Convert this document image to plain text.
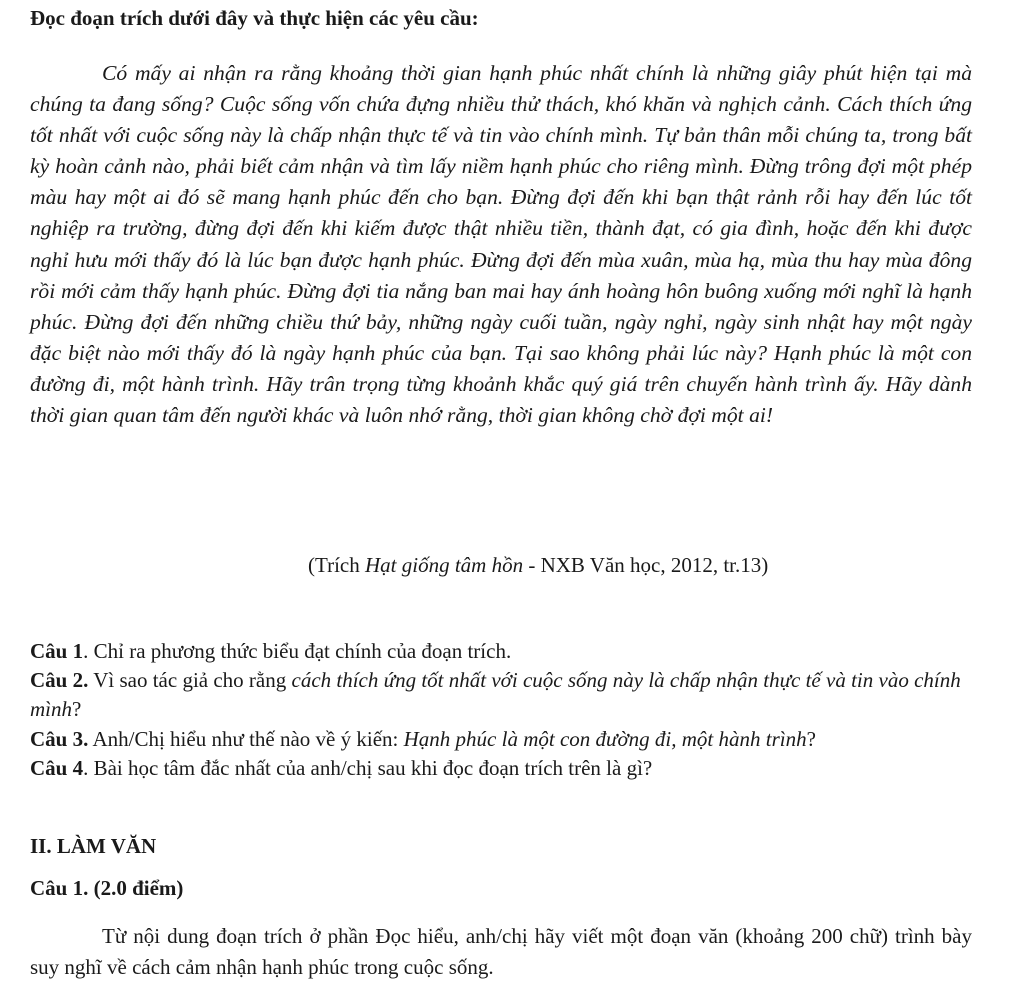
Đọc đoạn trích dưới đây và thực hiện các yêu cầu:

Có mấy ai nhận ra rằng khoảng thời gian hạnh phúc nhất chính là những giây phút hiện tại mà chúng ta đang sống? Cuộc sống vốn chứa đựng nhiều thử thách, khó khăn và nghịch cảnh. Cách thích ứng tốt nhất với cuộc sống này là chấp nhận thực tế và tin vào chính mình. Tự bản thân mỗi chúng ta, trong bất kỳ hoàn cảnh nào, phải biết cảm nhận và tìm lấy niềm hạnh phúc cho riêng mình. Đừng trông đợi một phép màu hay một ai đó sẽ mang hạnh phúc đến cho bạn. Đừng đợi đến khi bạn thật rảnh rỗi hay đến lúc tốt nghiệp ra trường, đừng đợi đến khi kiếm được thật nhiều tiền, thành đạt, có gia đình, hoặc đến khi được nghỉ hưu mới thấy đó là lúc bạn được hạnh phúc. Đừng đợi đến mùa xuân, mùa hạ, mùa thu hay mùa đông rồi mới cảm thấy hạnh phúc. Đừng đợi tia nắng ban mai hay ánh hoàng hôn buông xuống mới nghĩ là hạnh phúc. Đừng đợi đến những chiều thứ bảy, những ngày cuối tuần, ngày nghỉ, ngày sinh nhật hay một ngày đặc biệt nào mới thấy đó là ngày hạnh phúc của bạn. Tại sao không phải lúc này? Hạnh phúc là một con đường đi, một hành trình. Hãy trân trọng từng khoảnh khắc quý giá trên chuyến hành trình ấy. Hãy dành thời gian quan tâm đến người khác và luôn nhớ rằng, thời gian không chờ đợi một ai!

(Trích Hạt giống tâm hồn - NXB Văn học, 2012, tr.13)

Câu 1. Chỉ ra phương thức biểu đạt chính của đoạn trích.

Câu 2. Vì sao tác giả cho rằng cách thích ứng tốt nhất với cuộc sống này là chấp nhận thực tế và tin vào chính mình?

Câu 3. Anh/Chị hiểu như thế nào về ý kiến: Hạnh phúc là một con đường đi, một hành trình?

Câu 4. Bài học tâm đắc nhất của anh/chị sau khi đọc đoạn trích trên là gì?

II. LÀM VĂN
Câu 1. (2.0 điểm)

Từ nội dung đoạn trích ở phần Đọc hiểu, anh/chị hãy viết một đoạn văn (khoảng 200 chữ) trình bày suy nghĩ về cách cảm nhận hạnh phúc trong cuộc sống.
